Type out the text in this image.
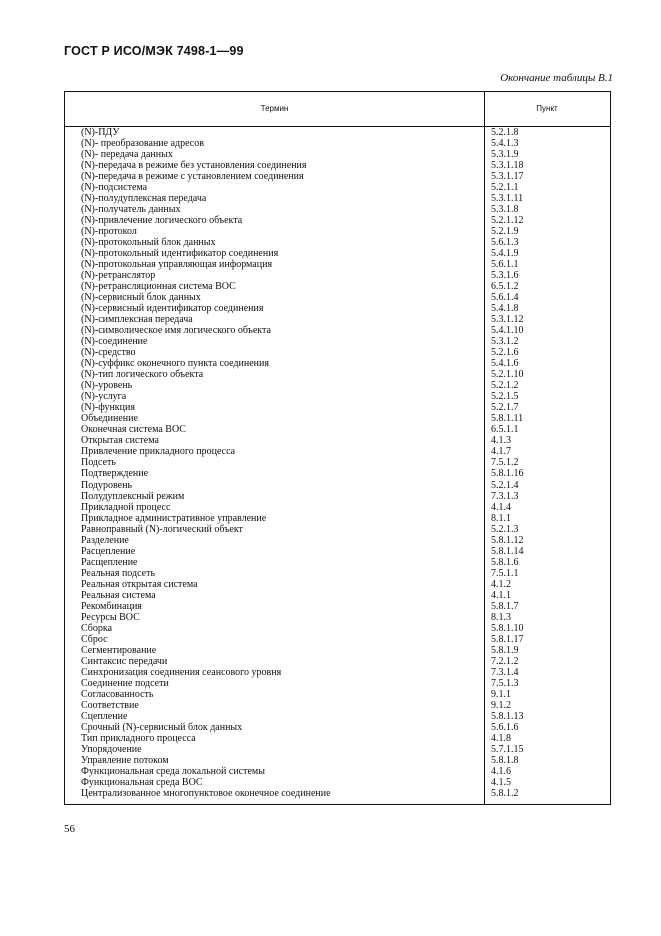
ГОСТ Р ИСО/МЭК 7498-1—99
Окончание таблицы В.1
Термин	Пункт
(N)-ПДУ	5.2.1.8
(N)- преобразование адресов	5.4.1.3
(N)- передача данных	5.3.1.9
(N)-передача в режиме без установления соединения	5.3.1.18
(N)-передача в режиме с установлением соединения	5.3.1.17
(N)-подсистема	5.2.1.1
(N)-полудуплексная передача	5.3.1.11
(N)-получатель данных	5.3.1.8
(N)-привлечение логического объекта	5.2.1.12
(N)-протокол	5.2.1.9
(N)-протокольный блок данных	5.6.1.3
(N)-протокольный идентификатор соединения	5.4.1.9
(N)-протокольная управляющая информация	5.6.1.1
(N)-ретранслятор	5.3.1.6
(N)-ретрансляционная система ВОС	6.5.1.2
(N)-сервисный блок данных	5.6.1.4
(N)-сервисный идентификатор соединения	5.4.1.8
(N)-симплексная передача	5.3.1.12
(N)-символическое имя логического объекта	5.4.1.10
(N)-соединение	5.3.1.2
(N)-средство	5.2.1.6
(N)-суффикс оконечного пункта соединения	5.4.1.6
(N)-тип логического объекта	5.2.1.10
(N)-уровень	5.2.1.2
(N)-услуга	5.2.1.5
(N)-функция	5.2.1.7
Объединение	5.8.1.11
Оконечная система ВОС	6.5.1.1
Открытая система	4.1.3
Привлечение прикладного процесса	4.1.7
Подсеть	7.5.1.2
Подтверждение	5.8.1.16
Подуровень	5.2.1.4
Полудуплексный режим	7.3.1.3
Прикладной процесс	4.1.4
Прикладное административное управление	8.1.1
Равноправный (N)-логический объект	5.2.1.3
Разделение	5.8.1.12
Расцепление	5.8.1.14
Расщепление	5.8.1.6
Реальная подсеть	7.5.1.1
Реальная открытая система	4.1.2
Реальная система	4.1.1
Рекомбинация	5.8.1.7
Ресурсы ВОС	8.1.3
Сборка	5.8.1.10
Сброс	5.8.1.17
Сегментирование	5.8.1.9
Синтаксис передачи	7.2.1.2
Синхронизация соединения сеансового уровня	7.3.1.4
Соединение подсети	7.5.1.3
Согласованность	9.1.1
Соответствие	9.1.2
Сцепление	5.8.1.13
Срочный (N)-сервисный блок данных	5.6.1.6
Тип прикладного процесса	4.1.8
Упорядочение	5.7.1.15
Управление потоком	5.8.1.8
Функциональная среда локальной системы	4.1.6
Функциональная среда ВОС	4.1.5
Централизованное многопунктовое оконечное соединение	5.8.1.2
56
